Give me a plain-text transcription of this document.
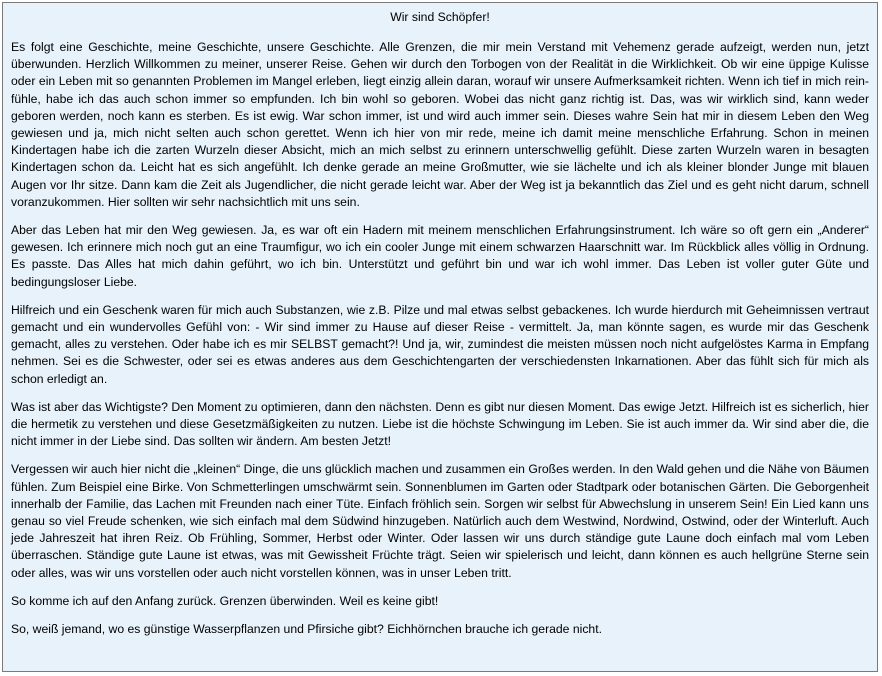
Wir sind Schöpfer!

Es folgt eine Geschichte, meine Geschichte, unsere Geschichte. Alle Grenzen, die mir mein Verstand mit Vehemenz gerade aufzeigt, werden nun, jetzt überwunden. Herzlich Willkommen zu meiner, unserer Reise. Gehen wir durch den Torbogen von der Realität in die Wirklichkeit. Ob wir eine üppige Kulisse oder ein Leben mit so genannten Problemen im Mangel erleben, liegt einzig allein daran, worauf wir unsere Aufmerksamkeit richten. Wenn ich tief in mich rein- fühle, habe ich das auch schon immer so empfunden. Ich bin wohl so geboren. Wobei das nicht ganz richtig ist. Das, was wir wirklich sind, kann weder geboren werden, noch kann es sterben. Es ist ewig. War schon immer, ist und wird auch immer sein. Dieses wahre Sein hat mir in diesem Leben den Weg gewiesen und ja, mich nicht selten auch schon gerettet. Wenn ich hier von mir rede, meine ich damit meine menschliche Erfahrung. Schon in meinen Kindertagen habe ich die zarten Wurzeln dieser Absicht, mich an mich selbst zu erinnern unterschwellig gefühlt. Diese zarten Wurzeln waren in besagten Kindertagen schon da. Leicht hat es sich angefühlt. Ich denke gerade an meine Großmutter, wie sie lächelte und ich als kleiner blonder Junge mit blauen Augen vor Ihr sitze. Dann kam die Zeit als Jugendlicher, die nicht gerade leicht war. Aber der Weg ist ja bekanntlich das Ziel und es geht nicht darum, schnell voranzukommen. Hier sollten wir sehr nachsichtlich mit uns sein.

Aber das Leben hat mir den Weg gewiesen. Ja, es war oft ein Hadern mit meinem menschlichen Erfahrungsinstrument. Ich wäre so oft gern ein „Anderer“ gewesen. Ich erinnere mich noch gut an eine Traumfigur, wo ich ein cooler Junge mit einem schwarzen Haarschnitt war. Im Rückblick alles völlig in Ordnung. Es passte. Das Alles hat mich dahin geführt, wo ich bin. Unterstützt und geführt bin und war ich wohl immer. Das Leben ist voller guter Güte und bedingungsloser Liebe.

Hilfreich und ein Geschenk waren für mich auch Substanzen, wie z.B. Pilze und mal etwas selbst gebackenes. Ich wurde hierdurch mit Geheimnissen vertraut gemacht und ein wundervolles Gefühl von: - Wir sind immer zu Hause auf dieser Reise - vermittelt. Ja, man könnte sagen, es wurde mir das Geschenk gemacht, alles zu verstehen. Oder habe ich es mir SELBST gemacht?! Und ja, wir, zumindest die meisten müssen noch nicht aufgelöstes Karma in Empfang nehmen. Sei es die Schwester, oder sei es etwas anderes aus dem Geschichtengarten der verschiedensten Inkarnationen. Aber das fühlt sich für mich als schon erledigt an.

Was ist aber das Wichtigste? Den Moment zu optimieren, dann den nächsten. Denn es gibt nur diesen Moment. Das ewige Jetzt. Hilfreich ist es sicherlich, hier die hermetik zu verstehen und diese Gesetzmäßigkeiten zu nutzen. Liebe ist die höchste Schwingung im Leben. Sie ist auch immer da. Wir sind aber die, die nicht immer in der Liebe sind. Das sollten wir ändern. Am besten Jetzt!

Vergessen wir auch hier nicht die „kleinen“ Dinge, die uns glücklich machen und zusammen ein Großes werden. In den Wald gehen und die Nähe von Bäumen fühlen. Zum Beispiel eine Birke. Von Schmetterlingen umschwärmt sein. Sonnenblumen im Garten oder Stadtpark oder botanischen Gärten. Die Geborgenheit innerhalb der Familie, das Lachen mit Freunden nach einer Tüte. Einfach fröhlich sein. Sorgen wir selbst für Abwechslung in unserem Sein! Ein Lied kann uns genau so viel Freude schenken, wie sich einfach mal dem Südwind hinzugeben. Natürlich auch dem Westwind, Nordwind, Ostwind, oder der Winterluft. Auch jede Jahreszeit hat ihren Reiz. Ob Frühling, Sommer, Herbst oder Winter. Oder lassen wir uns durch ständige gute Laune doch einfach mal vom Leben überraschen. Ständige gute Laune ist etwas, was mit Gewissheit Früchte trägt. Seien wir spielerisch und leicht, dann können es auch hellgrüne Sterne sein oder alles, was wir uns vorstellen oder auch nicht vorstellen können, was in unser Leben tritt.

So komme ich auf den Anfang zurück. Grenzen überwinden. Weil es keine gibt!

So, weiß jemand, wo es günstige Wasserpflanzen und Pfirsiche gibt? Eichhörnchen brauche ich gerade nicht.
